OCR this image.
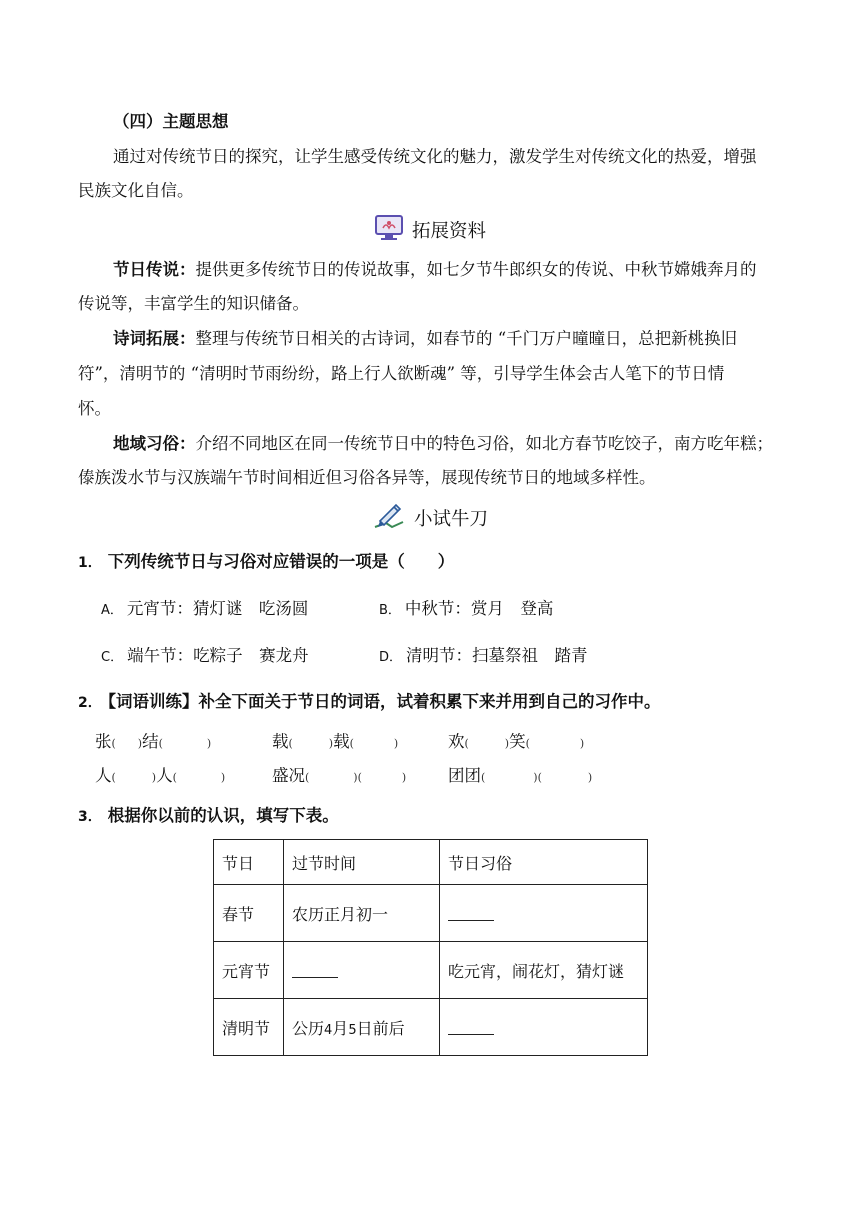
（四）主题思想
通过对传统节日的探究，让学生感受传统文化的魅力，激发学生对传统文化的热爱，增强
民族文化自信。
拓展资料
节日传说：提供更多传统节日的传说故事，如七夕节牛郎织女的传说、中秋节嫦娥奔月的
传说等，丰富学生的知识储备。
诗词拓展：整理与传统节日相关的古诗词，如春节的 “千门万户曈曈日，总把新桃换旧
符”，清明节的 “清明时节雨纷纷，路上行人欲断魂” 等，引导学生体会古人笔下的节日情
怀。
地域习俗：介绍不同地区在同一传统节日中的特色习俗，如北方春节吃饺子，南方吃年糕；
傣族泼水节与汉族端午节时间相近但习俗各异等，展现传统节日的地域多样性。
小试牛刀
1． 下列传统节日与习俗对应错误的一项是（　　）
A． 元宵节：猜灯谜　吃汤圆	B． 中秋节：赏月　登高
C． 端午节：吃粽子　赛龙舟	D． 清明节：扫墓祭祖　踏青
2． 【词语训练】补全下面关于节日的词语，试着积累下来并用到自己的习作中。
张( )结(	)	载(	)载(	)	欢(	)笑(	)
人(	)人(	)	盛况(	)(	)	团团(	)(	)
3． 根据你以前的认识，填写下表。
节日	过节时间	节日习俗
春节	农历正月初一	
元宵节		吃元宵，闹花灯，猜灯谜
清明节	公历4月5日前后	
